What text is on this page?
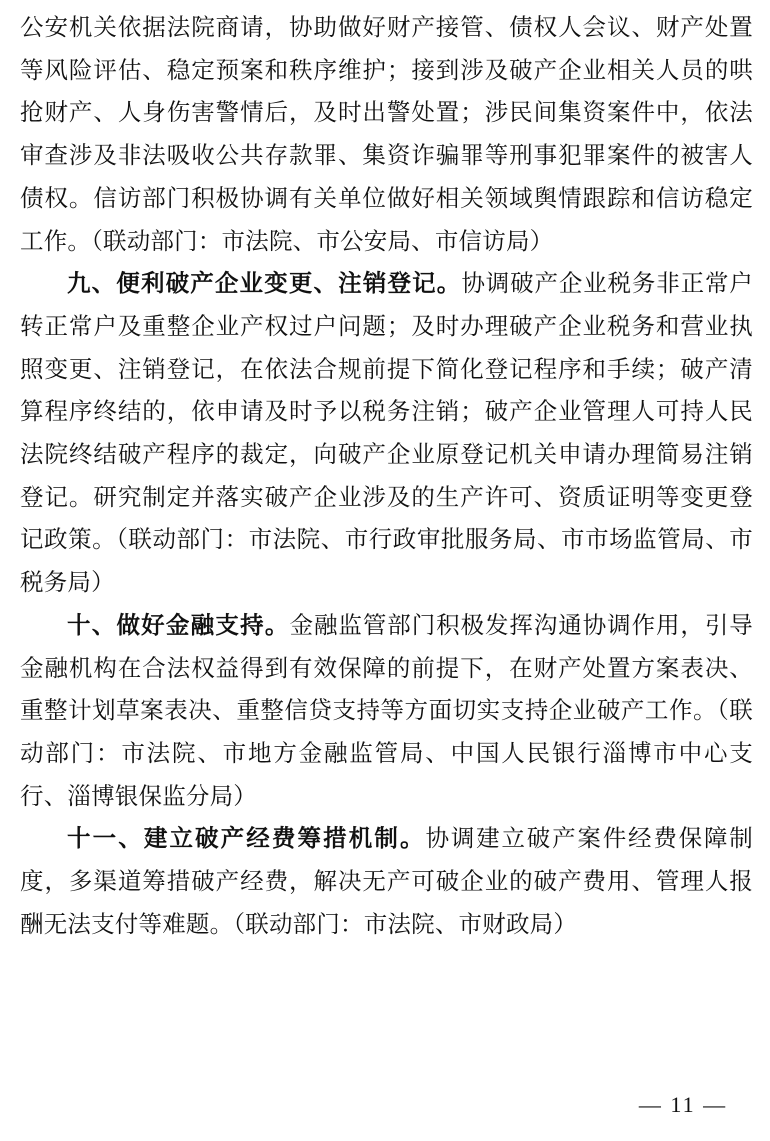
公安机关依据法院商请，协助做好财产接管、债权人会议、财产处置等风险评估、稳定预案和秩序维护；接到涉及破产企业相关人员的哄抢财产、人身伤害警情后，及时出警处置；涉民间集资案件中，依法审查涉及非法吸收公共存款罪、集资诈骗罪等刑事犯罪案件的被害人债权。信访部门积极协调有关单位做好相关领域舆情跟踪和信访稳定工作。（联动部门：市法院、市公安局、市信访局）

九、便利破产企业变更、注销登记。协调破产企业税务非正常户转正常户及重整企业产权过户问题；及时办理破产企业税务和营业执照变更、注销登记，在依法合规前提下简化登记程序和手续；破产清算程序终结的，依申请及时予以税务注销；破产企业管理人可持人民法院终结破产程序的裁定，向破产企业原登记机关申请办理简易注销登记。研究制定并落实破产企业涉及的生产许可、资质证明等变更登记政策。（联动部门：市法院、市行政审批服务局、市市场监管局、市税务局）

十、做好金融支持。金融监管部门积极发挥沟通协调作用，引导金融机构在合法权益得到有效保障的前提下，在财产处置方案表决、重整计划草案表决、重整信贷支持等方面切实支持企业破产工作。（联动部门：市法院、市地方金融监管局、中国人民银行淄博市中心支行、淄博银保监分局）

十一、建立破产经费筹措机制。协调建立破产案件经费保障制度，多渠道筹措破产经费，解决无产可破企业的破产费用、管理人报酬无法支付等难题。（联动部门：市法院、市财政局）

— 11 —
